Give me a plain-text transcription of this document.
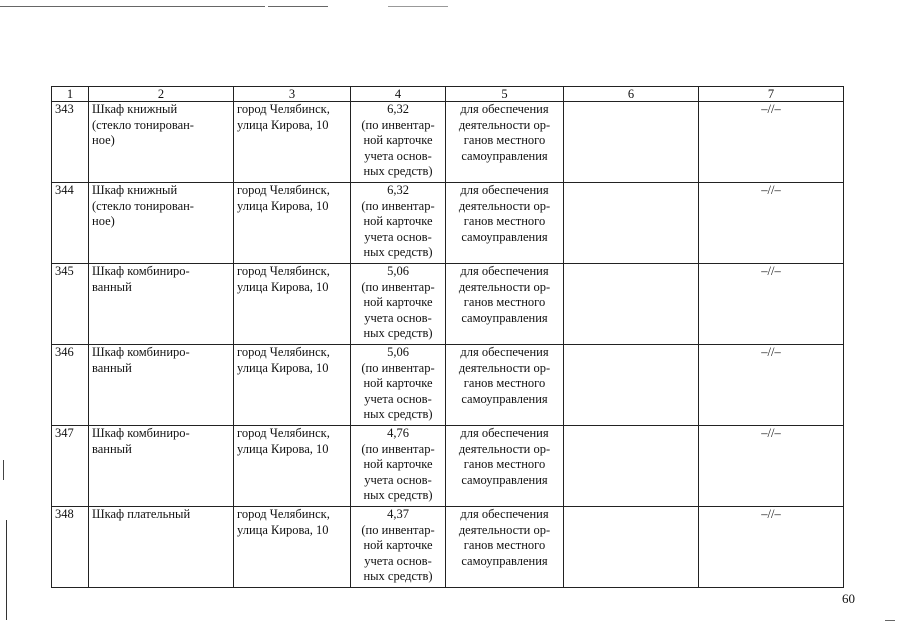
1	2	3	4	5	6	7
343	Шкаф книжный
(стекло тонирован-
ное)	город Челябинск,
улица Кирова, 10	6,32
(по инвентар-
ной карточке
учета основ-
ных средств)	для обеспечения
деятельности ор-
ганов местного
самоуправления		–//–
344	Шкаф книжный
(стекло тонирован-
ное)	город Челябинск,
улица Кирова, 10	6,32
(по инвентар-
ной карточке
учета основ-
ных средств)	для обеспечения
деятельности ор-
ганов местного
самоуправления		–//–
345	Шкаф комбиниро-
ванный	город Челябинск,
улица Кирова, 10	5,06
(по инвентар-
ной карточке
учета основ-
ных средств)	для обеспечения
деятельности ор-
ганов местного
самоуправления		–//–
346	Шкаф комбиниро-
ванный	город Челябинск,
улица Кирова, 10	5,06
(по инвентар-
ной карточке
учета основ-
ных средств)	для обеспечения
деятельности ор-
ганов местного
самоуправления		–//–
347	Шкаф комбиниро-
ванный	город Челябинск,
улица Кирова, 10	4,76
(по инвентар-
ной карточке
учета основ-
ных средств)	для обеспечения
деятельности ор-
ганов местного
самоуправления		–//–
348	Шкаф плательный	город Челябинск,
улица Кирова, 10	4,37
(по инвентар-
ной карточке
учета основ-
ных средств)	для обеспечения
деятельности ор-
ганов местного
самоуправления		–//–
60
